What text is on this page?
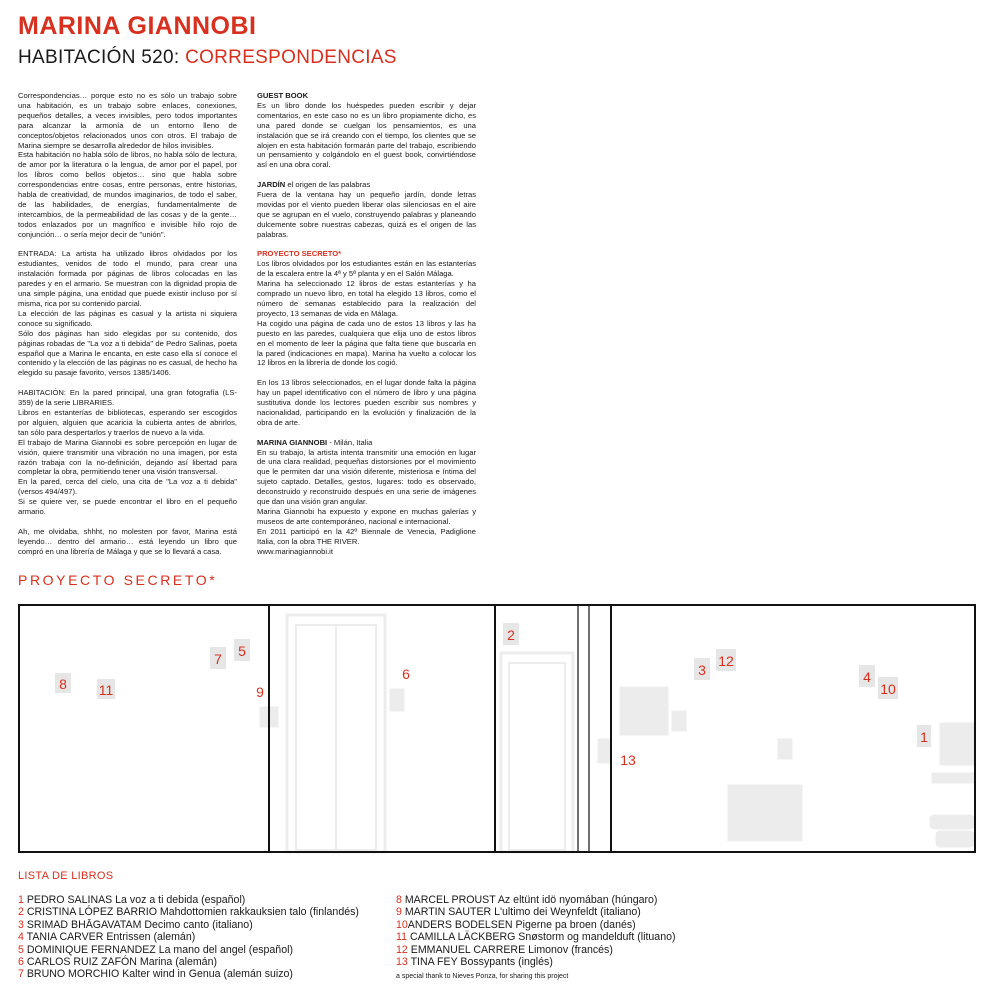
MARINA GIANNOBI
HABITACIÓN 520: CORRESPONDENCIAS

Correspondencias… porque esto no es sólo un trabajo sobre una habitación, es un trabajo sobre enlaces, conexiones, pequeños detalles, a veces invisibles, pero todos importantes para alcanzar la armonía de un entorno lleno de conceptos/objetos relacionados unos con otros. El trabajo de Marina siempre se desarrolla alrededor de hilos invisibles.

Esta habitación no habla sólo de libros, no habla sólo de lectura, de amor por la literatura o la lengua, de amor por el papel, por los libros como bellos objetos… sino que habla sobre correspondencias entre cosas, entre personas, entre historias, habla de creatividad, de mundos imaginarios, de todo el saber, de las habilidades, de energías, fundamentalmente de intercambios, de la permeabilidad de las cosas y de la gente… todos enlazados por un magnífico e invisible hilo rojo de conjunción… o sería mejor decir de "unión".

ENTRADA: La artista ha utilizado libros olvidados por los estudiantes, venidos de todo el mundo, para crear una instalación formada por páginas de libros colocadas en las paredes y en el armario. Se muestran con la dignidad propia de una simple página, una entidad que puede existir incluso por sí misma, rica por su contenido parcial.

La elección de las páginas es casual y la artista ni siquiera conoce su significado.

Sólo dos páginas han sido elegidas por su contenido, dos páginas robadas de "La voz a ti debida" de Pedro Salinas, poeta español que a Marina le encanta, en este caso ella sí conoce el contenido y la elección de las páginas no es casual, de hecho ha elegido su pasaje favorito, versos 1385/1406.

HABITACIÓN: En la pared principal, una gran fotografía (LS-359) de la serie LIBRARIES.

Libros en estanterías de bibliotecas, esperando ser escogidos por alguien, alguien que acaricia la cubierta antes de abrirlos, tan sólo para despertarlos y traerlos de nuevo a la vida.

El trabajo de Marina Giannobi es sobre percepción en lugar de visión, quiere transmitir una vibración no una imagen, por esta razón trabaja con la no-definición, dejando así libertad para completar la obra, permitiendo tener una visión transversal.

En la pared, cerca del cielo, una cita de "La voz a ti debida" (versos 494/497).

Si se quiere ver, se puede encontrar el libro en el pequeño armario.

Ah, me olvidaba, shhht, no molesten por favor, Marina está leyendo… dentro del armario… está leyendo un libro que compró en una librería de Málaga y que se lo llevará a casa.

GUEST BOOK

Es un libro donde los huéspedes pueden escribir y dejar comentarios, en este caso no es un libro propiamente dicho, es una pared donde se cuelgan los pensamientos, es una instalación que se irá creando con el tiempo, los clientes que se alojen en esta habitación formarán parte del trabajo, escribiendo un pensamiento y colgándolo en el guest book, convirtiéndose así en una obra coral.

JARDÍN el origen de las palabras

Fuera de la ventana hay un pequeño jardín, donde letras movidas por el viento pueden liberar olas silenciosas en el aire que se agrupan en el vuelo, construyendo palabras y planeando dulcemente sobre nuestras cabezas, quizá es el origen de las palabras.

PROYECTO SECRETO*

Los libros olvidados por los estudiantes están en las estanterías de la escalera entre la 4ª y 5ª planta y en el Salón Málaga.

Marina ha seleccionado 12 libros de estas estanterías y ha comprado un nuevo libro, en total ha elegido 13 libros, como el número de semanas establecido para la realización del proyecto, 13 semanas de vida en Málaga.

Ha cogido una página de cada uno de estos 13 libros y las ha puesto en las paredes, cualquiera que elija uno de estos libros en el momento de leer la página que falta tiene que buscarla en la pared (indicaciones en mapa). Marina ha vuelto a colocar los 12 libros en la librería de donde los cogió.

En los 13 libros seleccionados, en el lugar donde falta la página hay un papel identificativo con el número de libro y una página sustitutiva donde los lectores pueden escribir sus nombres y nacionalidad, participando en la evolución y finalización de la obra de arte.

MARINA GIANNOBI - Milán, Italia

En su trabajo, la artista intenta transmitir una emoción en lugar de una clara realidad, pequeñas distorsiones por el movimiento que le permiten dar una visión diferente, misteriosa e íntima del sujeto captado. Detalles, gestos, lugares: todo es observado, deconstruido y reconstruido después en una serie de imágenes que dan una visión gran angular.

Marina Giannobi ha expuesto y expone en muchas galerías y museos de arte contemporáneo, nacional e internacional.

En 2011 participó en la 42º Biennale de Venecia, Padiglione Italia, con la obra THE RIVER.

www.marinagiannobi.it

PROYECTO SECRETO*
8 11
7 5
9
6
2
3
12
4
10
1
13
LISTA DE LIBROS
1 PEDRO SALINAS La voz a ti debida (español)
2 CRISTINA LÓPEZ BARRIO Mahdottomien rakkauksien talo (finlandés)
3 SRIMAD BHĀGAVATAM Decimo canto (italiano)
4 TANIA CARVER Entrissen (alemán)
5 DOMINIQUE FERNANDEZ La mano del angel (español)
6 CARLOS RUIZ ZAFÓN Marina (alemán)
7 BRUNO MORCHIO Kalter wind in Genua (alemán suizo)
8 MARCEL PROUST Az eltünt idö nyomában (húngaro)
9 MARTIN SAUTER L'ultimo dei Weynfeldt (italiano)
10ANDERS BODELSEN Pigerne pa broen (danés)
11 CAMILLA LÄCKBERG Snøstorm og mandelduft (lituano)
12 EMMANUEL CARRERE Limonov (francés)
13 TINA FEY Bossypants (inglés)
a special thank to Nieves Ponza, for sharing this project
